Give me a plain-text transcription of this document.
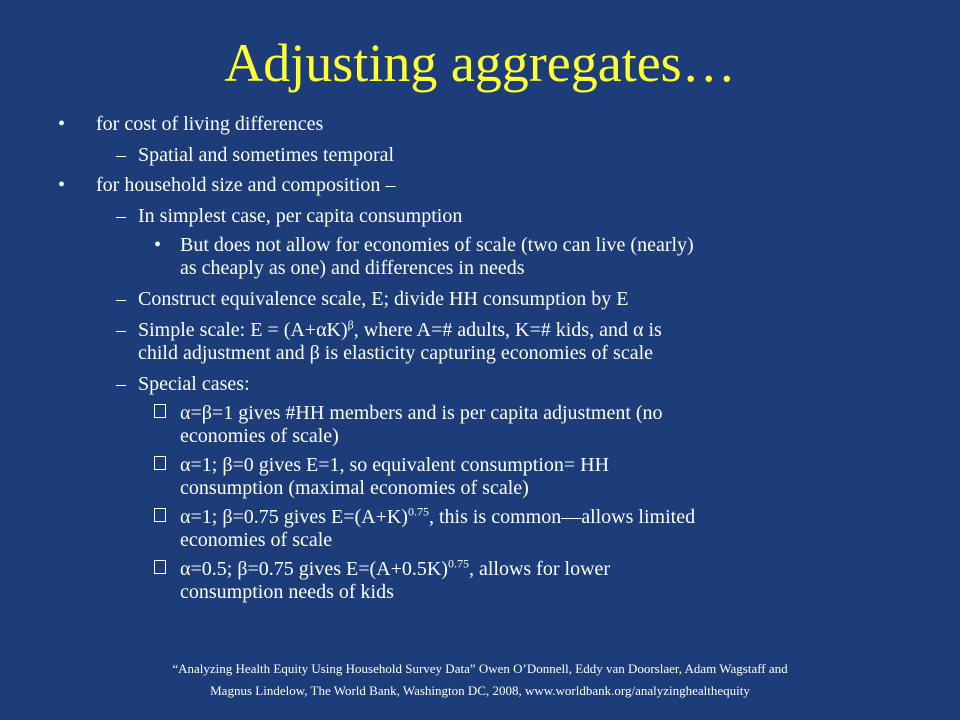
Adjusting aggregates…
• for cost of living differences
– Spatial and sometimes temporal
• for household size and composition –
– In simplest case, per capita consumption
• But does not allow for economies of scale (two can live (nearly)
as cheaply as one) and differences in needs
– Construct equivalence scale, E; divide HH consumption by E
– Simple scale: $E = (A+\alpha K)^\beta$, where A=# adults, K=# kids, and α is
child adjustment and β is elasticity capturing economies of scale
– Special cases:
α=β=1 gives #HH members and is per capita adjustment (no
economies of scale)
α=1; β=0 gives E=1, so equivalent consumption= HH
consumption (maximal economies of scale)
α=1; β=0.75 gives $E=(A+K)^{0.75}$, this is common—allows limited
economies of scale
α=0.5; β=0.75 gives $E=(A+0.5K)^{0.75}$, allows for lower
consumption needs of kids
“Analyzing Health Equity Using Household Survey Data” Owen O’Donnell, Eddy van Doorslaer, Adam Wagstaff and
Magnus Lindelow, The World Bank, Washington DC, 2008, www.worldbank.org/analyzinghealthequity
